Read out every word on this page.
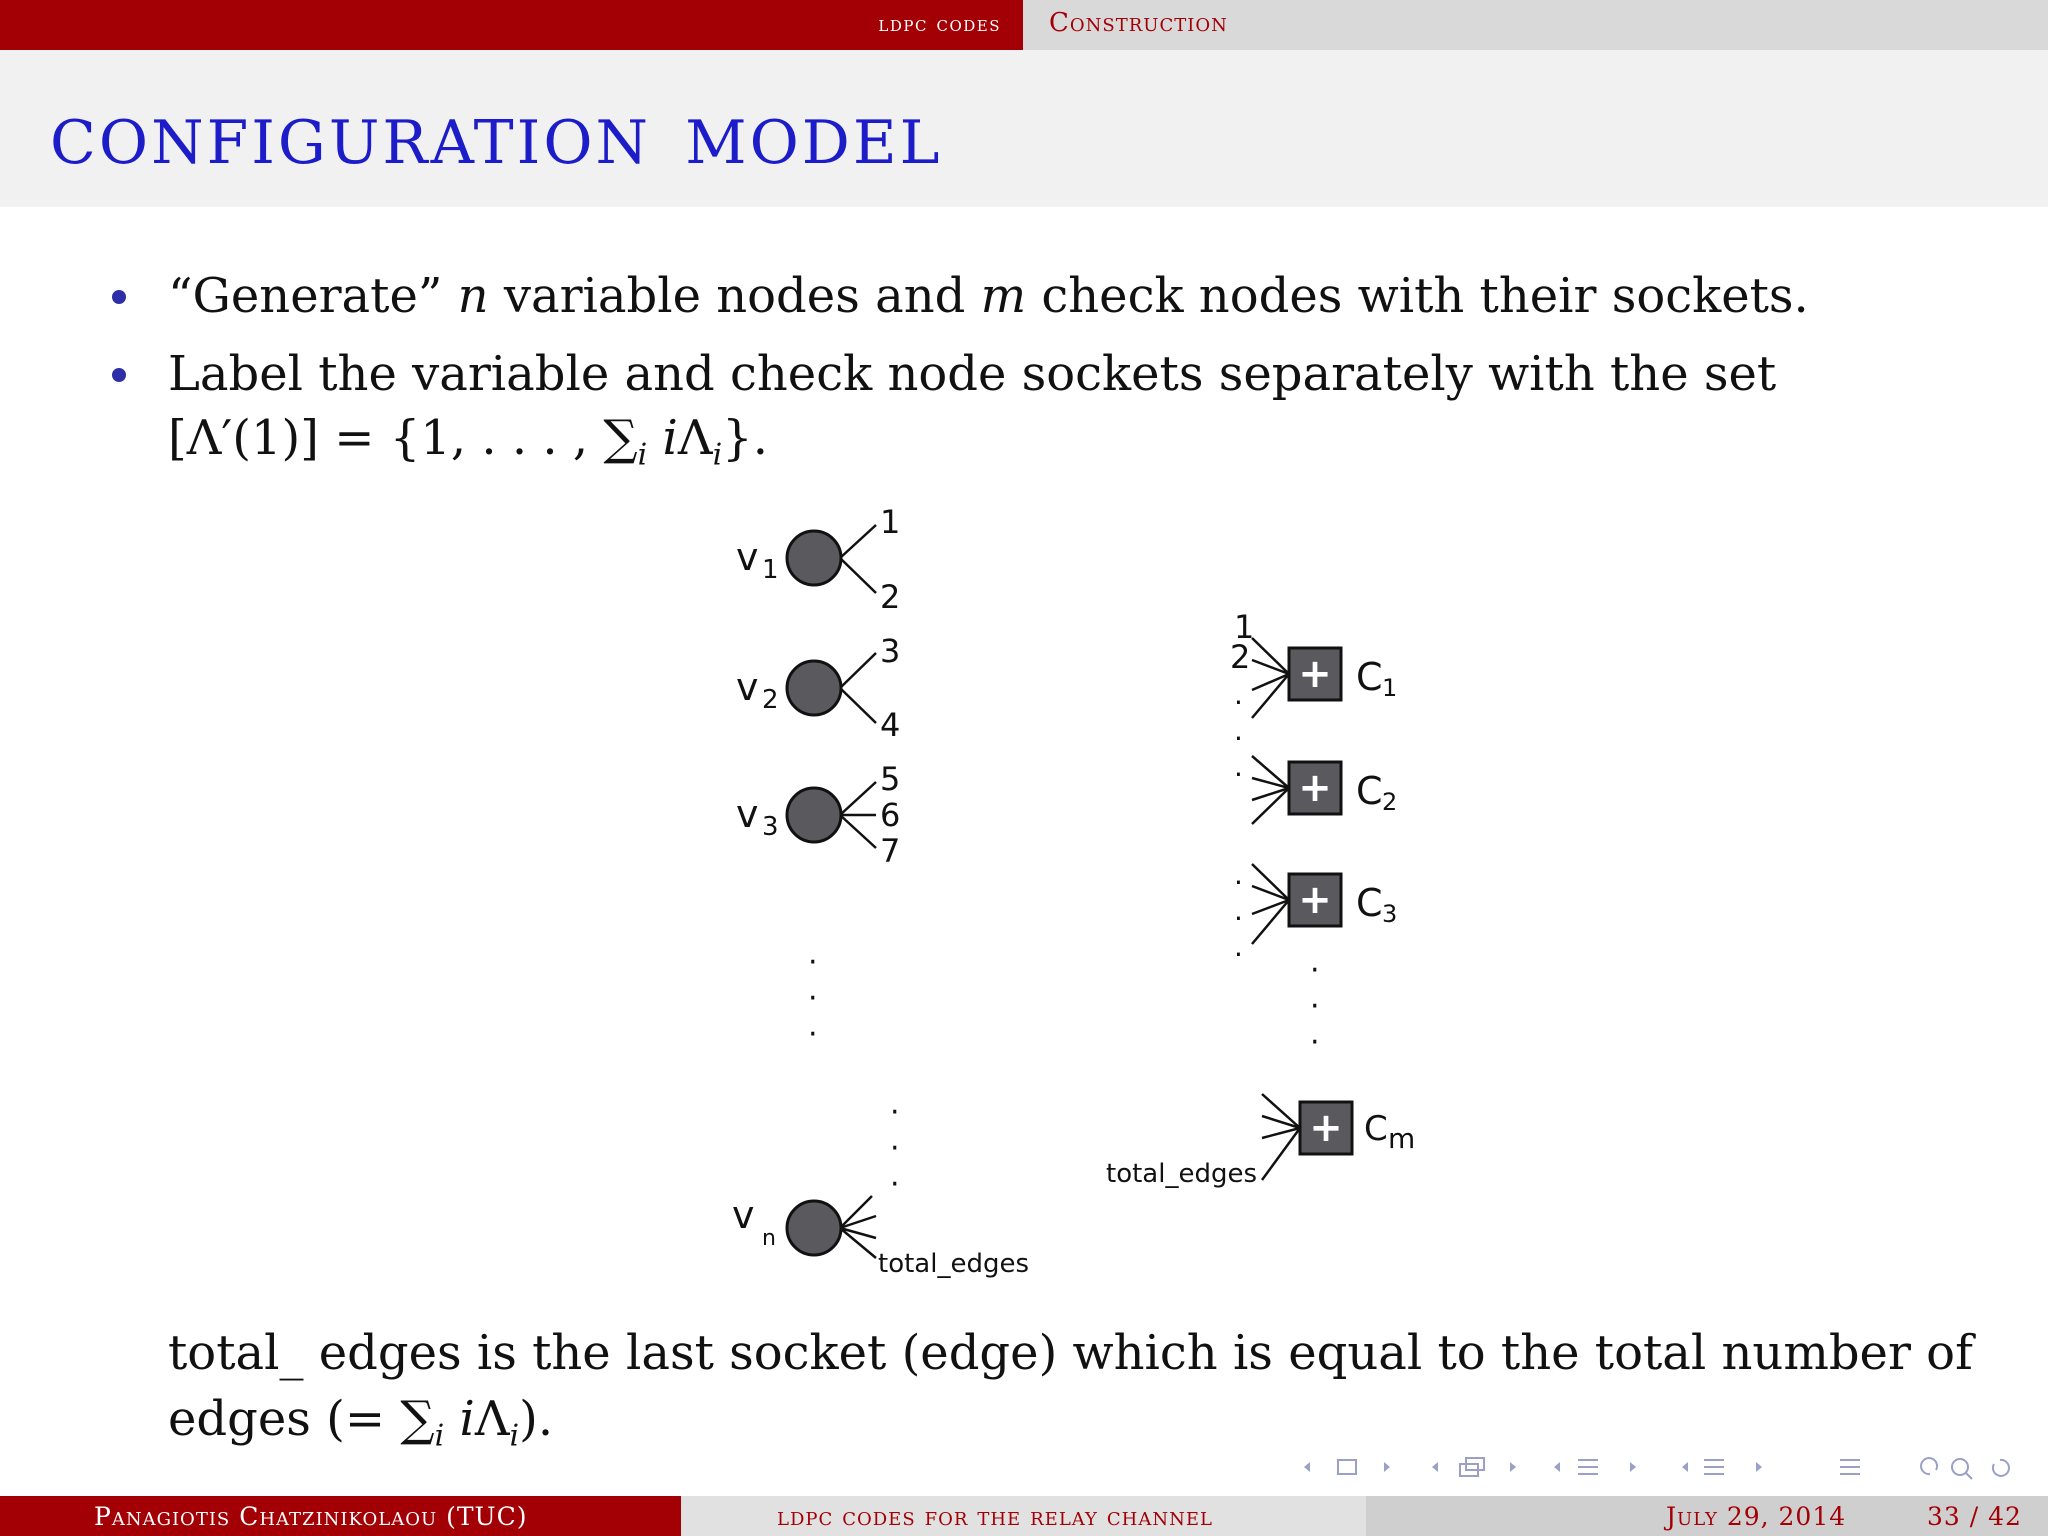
ldpc codes Construction
CONFIGURATION MODEL
“Generate” n variable nodes and m check nodes with their sockets.
Label the variable and check node sockets separately with the set
[Λ′(1)] = {1, . . . , $\sum_i$ $i\Lambda_i$}.
v 1
v 2
v 3
v
n
1
2
3
4
5
6
7
total_edges
·
·
·
·
·
·
+
+
+
+
C 1
C 2
C 3
C m
1
2
total_edges
·
·
·
·
·
· ·
·
·
total_ edges is the last socket (edge) which is equal to the total number of
edges (= $\sum_i$ $i\Lambda_i$).
Panagiotis Chatzinikolaou (TUC)	ldpc codes for the relay channel	July 29, 2014	33 / 42
